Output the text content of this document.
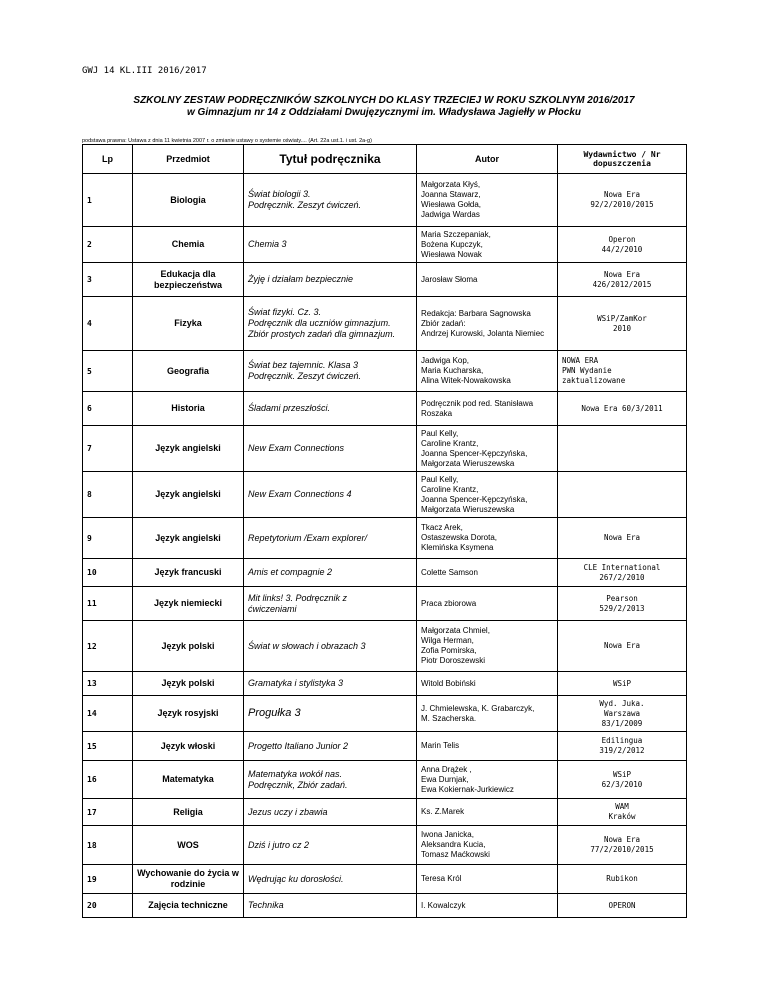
GWJ 14 KL.III 2016/2017
SZKOLNY ZESTAW PODRĘCZNIKÓW SZKOLNYCH DO KLASY TRZECIEJ W ROKU SZKOLNYM 2016/2017
w Gimnazjum nr 14 z Oddziałami Dwujęzycznymi im. Władysława Jagiełły w Płocku
podstawa prawna: Ustawa z dnia 11 kwietnia 2007 r. o zmianie ustawy o systemie oświaty.... (Art. 22a ust.1. i ust. 2a-g)
Lp	Przedmiot	Tytuł podręcznika	Autor	Wydawnictwo / Nr dopuszczenia
1	Biologia	Świat biologii 3.
Podręcznik. Zeszyt ćwiczeń.	Małgorzata Kłyś,
Joanna Stawarz,
Wiesława Gołda,
Jadwiga Wardas	Nowa Era
92/2/2010/2015
2	Chemia	Chemia 3	Maria Szczepaniak,
Bożena Kupczyk,
Wiesława Nowak	Operon
44/2/2010
3	Edukacja dla bezpieczeństwa	Żyję i działam bezpiecznie	Jarosław Słoma	Nowa Era
426/2012/2015
4	Fizyka	Świat fizyki. Cz. 3.
Podręcznik dla uczniów gimnazjum.
Zbiór prostych zadań dla gimnazjum.	Redakcja: Barbara Sagnowska
Zbiór zadań:
Andrzej Kurowski, Jolanta Niemiec	WSiP/ZamKor
2010
5	Geografia	Świat bez tajemnic. Klasa 3
Podręcznik. Zeszyt ćwiczeń.	Jadwiga Kop,
Maria Kucharska,
Alina Witek-Nowakowska	NOWA ERA
PWN Wydanie
zaktualizowane
6	Historia	Śladami przeszłości.	Podręcznik pod red. Stanisława
Roszaka	Nowa Era 60/3/2011
7	Język angielski	New Exam Connections	Paul Kelly,
Caroline Krantz,
Joanna Spencer-Kępczyńska,
Małgorzata Wieruszewska	
8	Język angielski	New Exam Connections 4	Paul Kelly,
Caroline Krantz,
Joanna Spencer-Kępczyńska,
Małgorzata Wieruszewska	
9	Język angielski	Repetytorium /Exam explorer/	Tkacz Arek,
Ostaszewska Dorota,
Klemińska Ksymena	Nowa Era
10	Język francuski	Amis et compagnie 2	Colette Samson	CLE International
267/2/2010
11	Język niemiecki	Mit links! 3. Podręcznik z
ćwiczeniami	Praca zbiorowa	Pearson
529/2/2013
12	Język polski	Świat w słowach i obrazach 3	Małgorzata Chmiel,
Wilga Herman,
Zofia Pomirska,
Piotr Doroszewski	Nowa Era
13	Język polski	Gramatyka i stylistyka 3	Witold Bobiński	WSiP
14	Język rosyjski	Progułka 3	J. Chmielewska, K. Grabarczyk,
M. Szacherska.	Wyd. Juka.
Warszawa
83/1/2009
15	Język włoski	Progetto Italiano Junior 2	Marin Telis	Edilingua
319/2/2012
16	Matematyka	Matematyka wokół nas.
Podręcznik, Zbiór zadań.	Anna Drążek ,
Ewa Durnjak,
Ewa Kokiernak-Jurkiewicz	WSiP
62/3/2010
17	Religia	Jezus uczy i zbawia	Ks. Z.Marek	WAM
Kraków
18	WOS	Dziś i jutro cz 2	Iwona Janicka,
Aleksandra Kucia,
Tomasz Maćkowski	Nowa Era
77/2/2010/2015
19	Wychowanie do życia w rodzinie	Wędrując ku dorosłości.	Teresa Król	Rubikon
20	Zajęcia techniczne	Technika	I. Kowalczyk	OPERON
